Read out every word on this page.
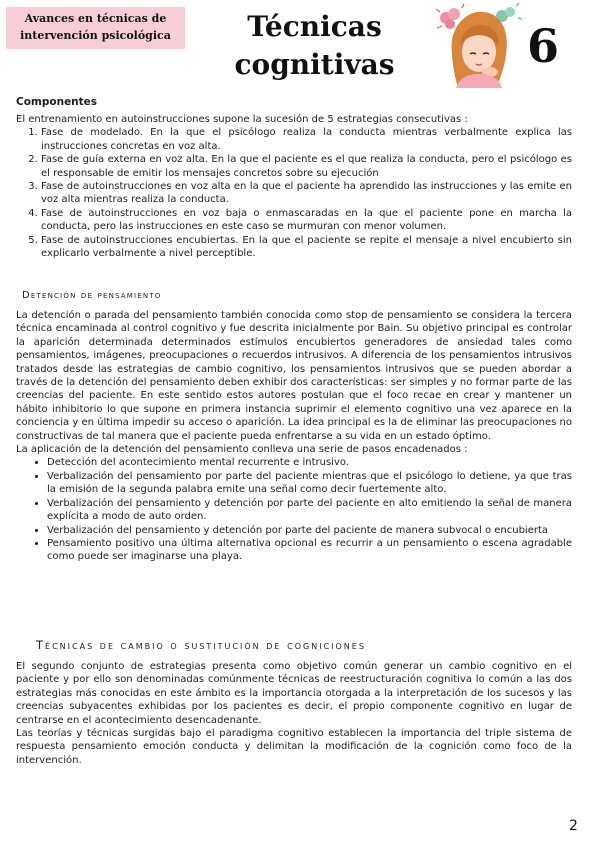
Avances en técnicas de
intervención psicológica	Técnicas
cognitivas	6
Componentes

El entrenamiento en autoinstrucciones supone la sucesión de 5 estrategias consecutivas :

1. Fase de modelado. En la que el psicólogo realiza la conducta mientras verbalmente explica las instrucciones concretas en voz alta.
2. Fase de guía externa en voz alta. En la que el paciente es el que realiza la conducta, pero el psicólogo es el responsable de emitir los mensajes concretos sobre su ejecución
3. Fase de autoinstrucciones en voz alta en la que el paciente ha aprendido las instrucciones y las emite en voz alta mientras realiza la conducta.
4. Fase de autoinstrucciones en voz baja o enmascaradas en la que el paciente pone en marcha la conducta, pero las instrucciones en este caso se murmuran con menor volumen.
5. Fase de autoinstrucciones encubiertas. En la que el paciente se repite el mensaje a nivel encubierto sin explicarlo verbalmente a nivel perceptible.
Detención de pensamiento

La detención o parada del pensamiento también conocida como stop de pensamiento se considera la tercera técnica encaminada al control cognitivo y fue descrita inicialmente por Bain. Su objetivo principal es controlar la aparición determinada determinados estímulos encubiertos generadores de ansiedad tales como pensamientos, imágenes, preocupaciones o recuerdos intrusivos. A diferencia de los pensamientos intrusivos tratados desde las estrategias de cambio cognitivo, los pensamientos intrusivos que se pueden abordar a través de la detención del pensamiento deben exhibir dos características: ser simples y no formar parte de las creencias del paciente. En este sentido estos autores postulan que el foco recae en crear y mantener un hábito inhibitorio lo que supone en primera instancia suprimir el elemento cognitivo una vez aparece en la conciencia y en última impedir su acceso o aparición. La idea principal es la de eliminar las preocupaciones no constructivas de tal manera que el paciente pueda enfrentarse a su vida en un estado óptimo.

La aplicación de la detención del pensamiento conlleva una serie de pasos encadenados :

• Detección del acontecimiento mental recurrente e intrusivo.
• Verbalización del pensamiento por parte del paciente mientras que el psicólogo lo detiene, ya que tras la emisión de la segunda palabra emite una señal como decir fuertemente alto.
• Verbalización del pensamiento y detención por parte del paciente en alto emitiendo la señal de manera explícita a modo de auto orden.
• Verbalización del pensamiento y detención por parte del paciente de manera subvocal o encubierta
• Pensamiento positivo una última alternativa opcional es recurrir a un pensamiento o escena agradable como puede ser imaginarse una playa.
Técnicas de cambio o sustitución de cogniciones

El segundo conjunto de estrategias presenta como objetivo común generar un cambio cognitivo en el paciente y por ello son denominadas comúnmente técnicas de reestructuración cognitiva lo común a las dos estrategias más conocidas en este ámbito es la importancia otorgada a la interpretación de los sucesos y las creencias subyacentes exhibidas por los pacientes es decir, el propio componente cognitivo en lugar de centrarse en el acontecimiento desencadenante.

Las teorías y técnicas surgidas bajo el paradigma cognitivo establecen la importancia del triple sistema de respuesta pensamiento emoción conducta y delimitan la modificación de la cognición como foco de la intervención.

2
